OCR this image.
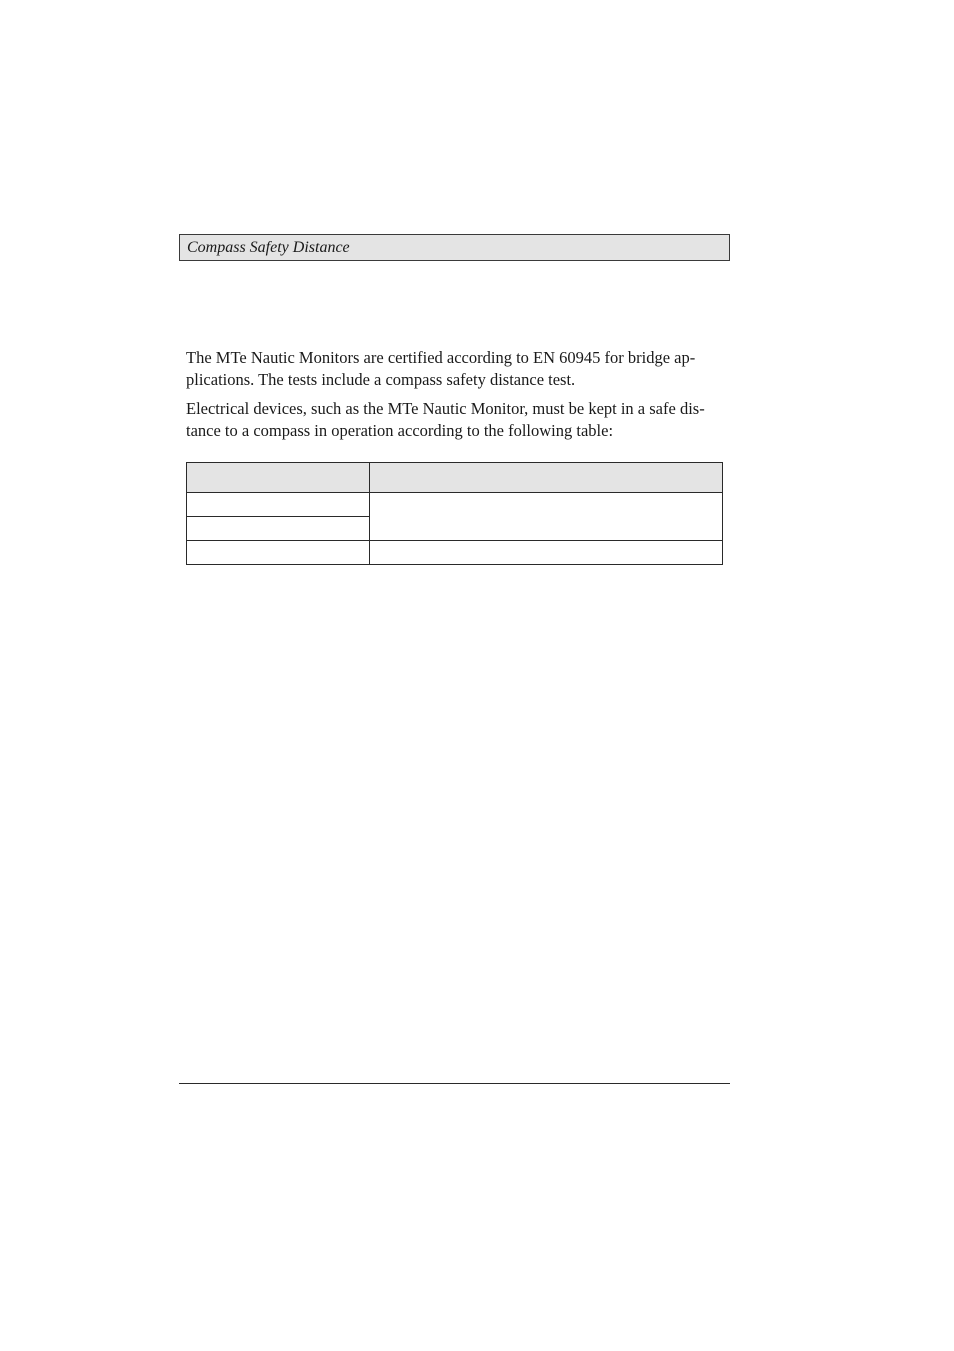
Compass Safety Distance

The MTe Nautic Monitors are certified according to EN 60945 for bridge ap-
plications. The tests include a compass safety distance test.

Electrical devices, such as the MTe Nautic Monitor, must be kept in a safe dis-
tance to a compass in operation according to the following table:
